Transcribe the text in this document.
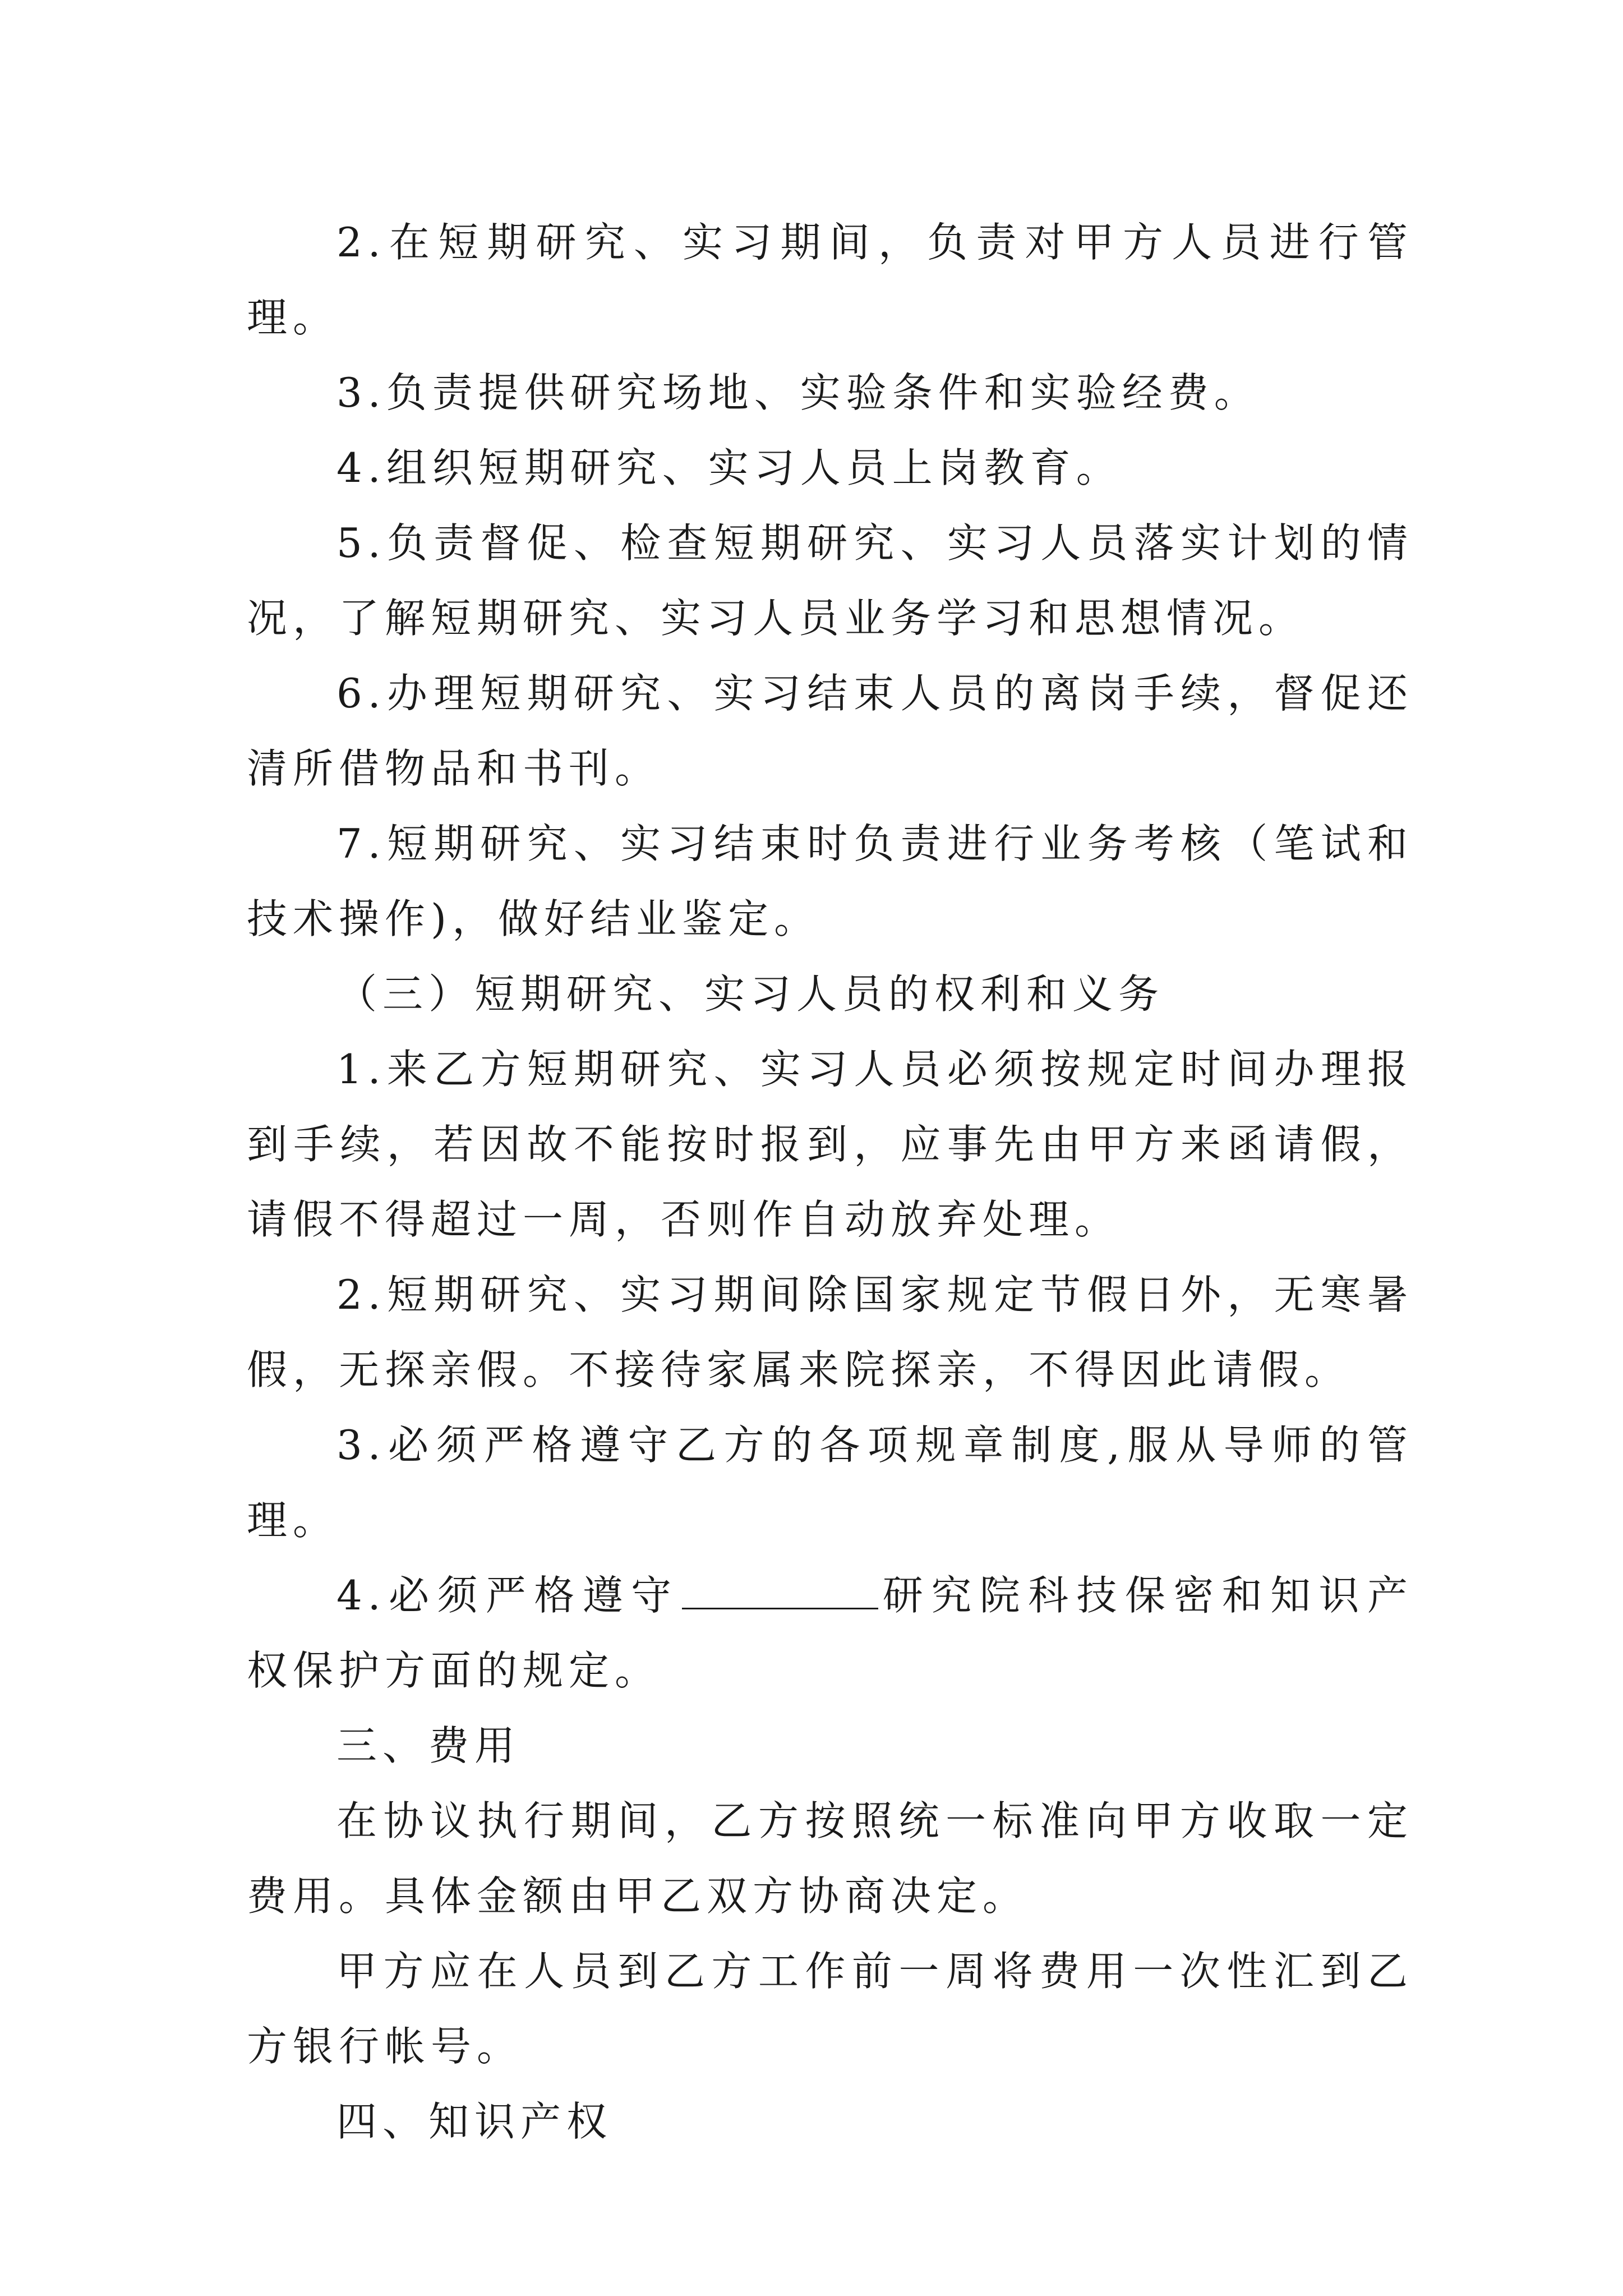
2.在短期研究、实习期间，负责对甲方人员进行管理。

3.负责提供研究场地、实验条件和实验经费。

4.组织短期研究、实习人员上岗教育。

5.负责督促、检查短期研究、实习人员落实计划的情况，了解短期研究、实习人员业务学习和思想情况。

6.办理短期研究、实习结束人员的离岗手续，督促还清所借物品和书刊。

7.短期研究、实习结束时负责进行业务考核（笔试和技术操作)，做好结业鉴定。

（三）短期研究、实习人员的权利和义务

1.来乙方短期研究、实习人员必须按规定时间办理报到手续，若因故不能按时报到，应事先由甲方来函请假，请假不得超过一周，否则作自动放弃处理。

2.短期研究、实习期间除国家规定节假日外，无寒暑假，无探亲假。不接待家属来院探亲，不得因此请假。

3.必须严格遵守乙方的各项规章制度,服从导师的管理。

4.必须严格遵守	研究院科技保密和知识产权保护方面的规定。

三、费用

在协议执行期间，乙方按照统一标准向甲方收取一定费用。具体金额由甲乙双方协商决定。

甲方应在人员到乙方工作前一周将费用一次性汇到乙方银行帐号。

四、知识产权
